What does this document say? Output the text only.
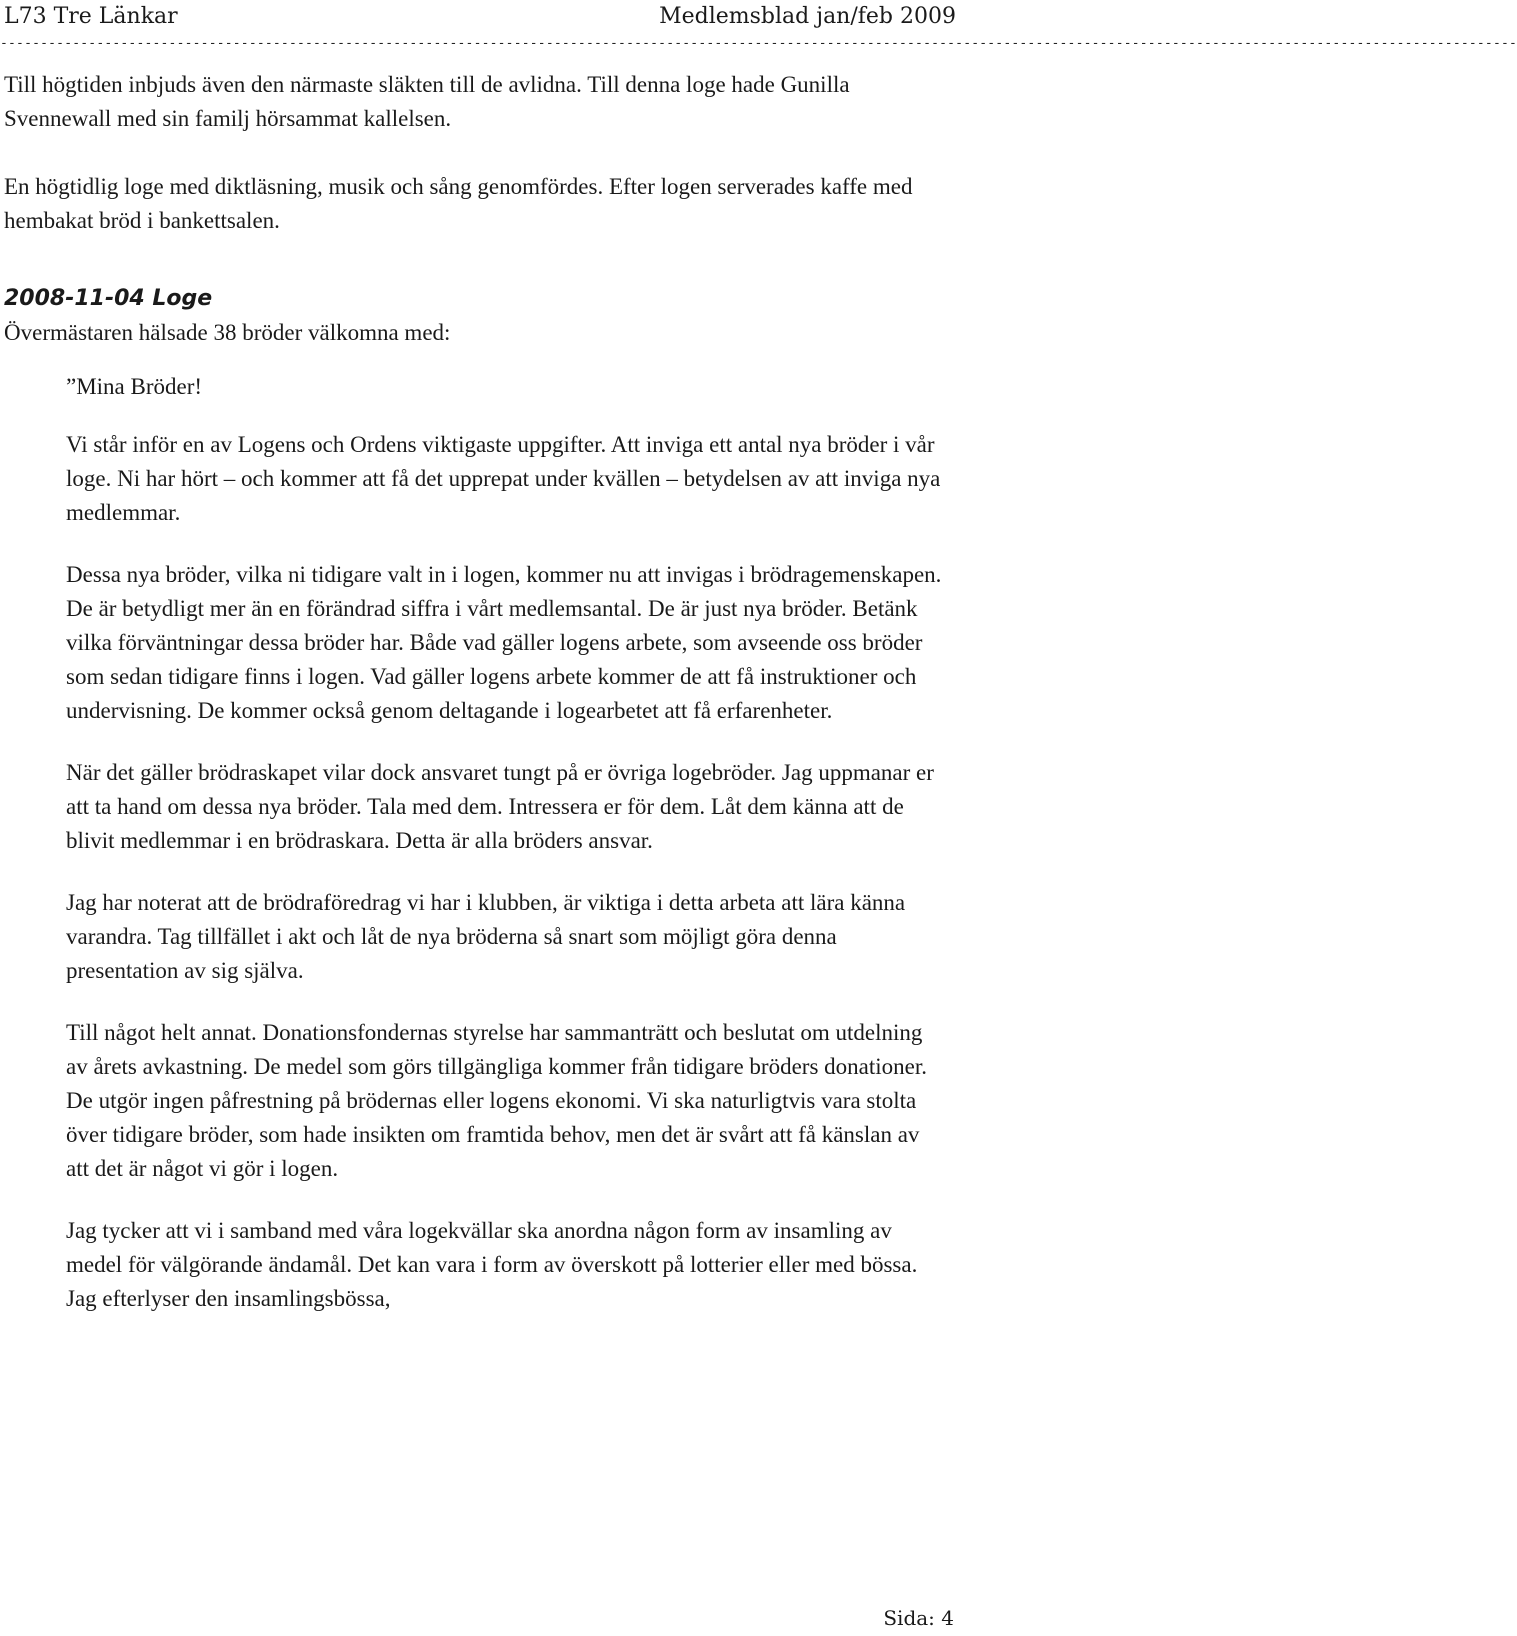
L73 Tre Länkar	Medlemsblad jan/feb 2009
---------------------------------------------------------------------------------------------------------------------------------------------------------------------------------------------

Till högtiden inbjuds även den närmaste släkten till de avlidna. Till denna loge hade Gunilla Svennewall med sin familj hörsammat kallelsen.

En högtidlig loge med diktläsning, musik och sång genomfördes. Efter logen serverades kaffe med hembakat bröd i bankettsalen.

2008-11-04 Loge

Övermästaren hälsade 38 bröder välkomna med:

”Mina Bröder!

Vi står inför en av Logens och Ordens viktigaste uppgifter. Att inviga ett antal nya bröder i vår loge. Ni har hört – och kommer att få det upprepat under kvällen – betydelsen av att inviga nya medlemmar.

Dessa nya bröder, vilka ni tidigare valt in i logen, kommer nu att invigas i brödragemenskapen. De är betydligt mer än en förändrad siffra i vårt medlemsantal. De är just nya bröder. Betänk vilka förväntningar dessa bröder har. Både vad gäller logens arbete, som avseende oss bröder som sedan tidigare finns i logen. Vad gäller logens arbete kommer de att få instruktioner och undervisning. De kommer också genom deltagande i logearbetet att få erfarenheter.

När det gäller brödraskapet vilar dock ansvaret tungt på er övriga logebröder. Jag uppmanar er att ta hand om dessa nya bröder. Tala med dem. Intressera er för dem. Låt dem känna att de blivit medlemmar i en brödraskara. Detta är alla bröders ansvar.

Jag har noterat att de brödraföredrag vi har i klubben, är viktiga i detta arbeta att lära känna varandra. Tag tillfället i akt och låt de nya bröderna så snart som möjligt göra denna presentation av sig själva.

Till något helt annat. Donationsfondernas styrelse har sammanträtt och beslutat om utdelning av årets avkastning. De medel som görs tillgängliga kommer från tidigare bröders donationer. De utgör ingen påfrestning på brödernas eller logens ekonomi. Vi ska naturligtvis vara stolta över tidigare bröder, som hade insikten om framtida behov, men det är svårt att få känslan av att det är något vi gör i logen.

Jag tycker att vi i samband med våra logekvällar ska anordna någon form av insamling av medel för välgörande ändamål. Det kan vara i form av överskott på lotterier eller med bössa. Jag efterlyser den insamlingsbössa,

Sida: 4
